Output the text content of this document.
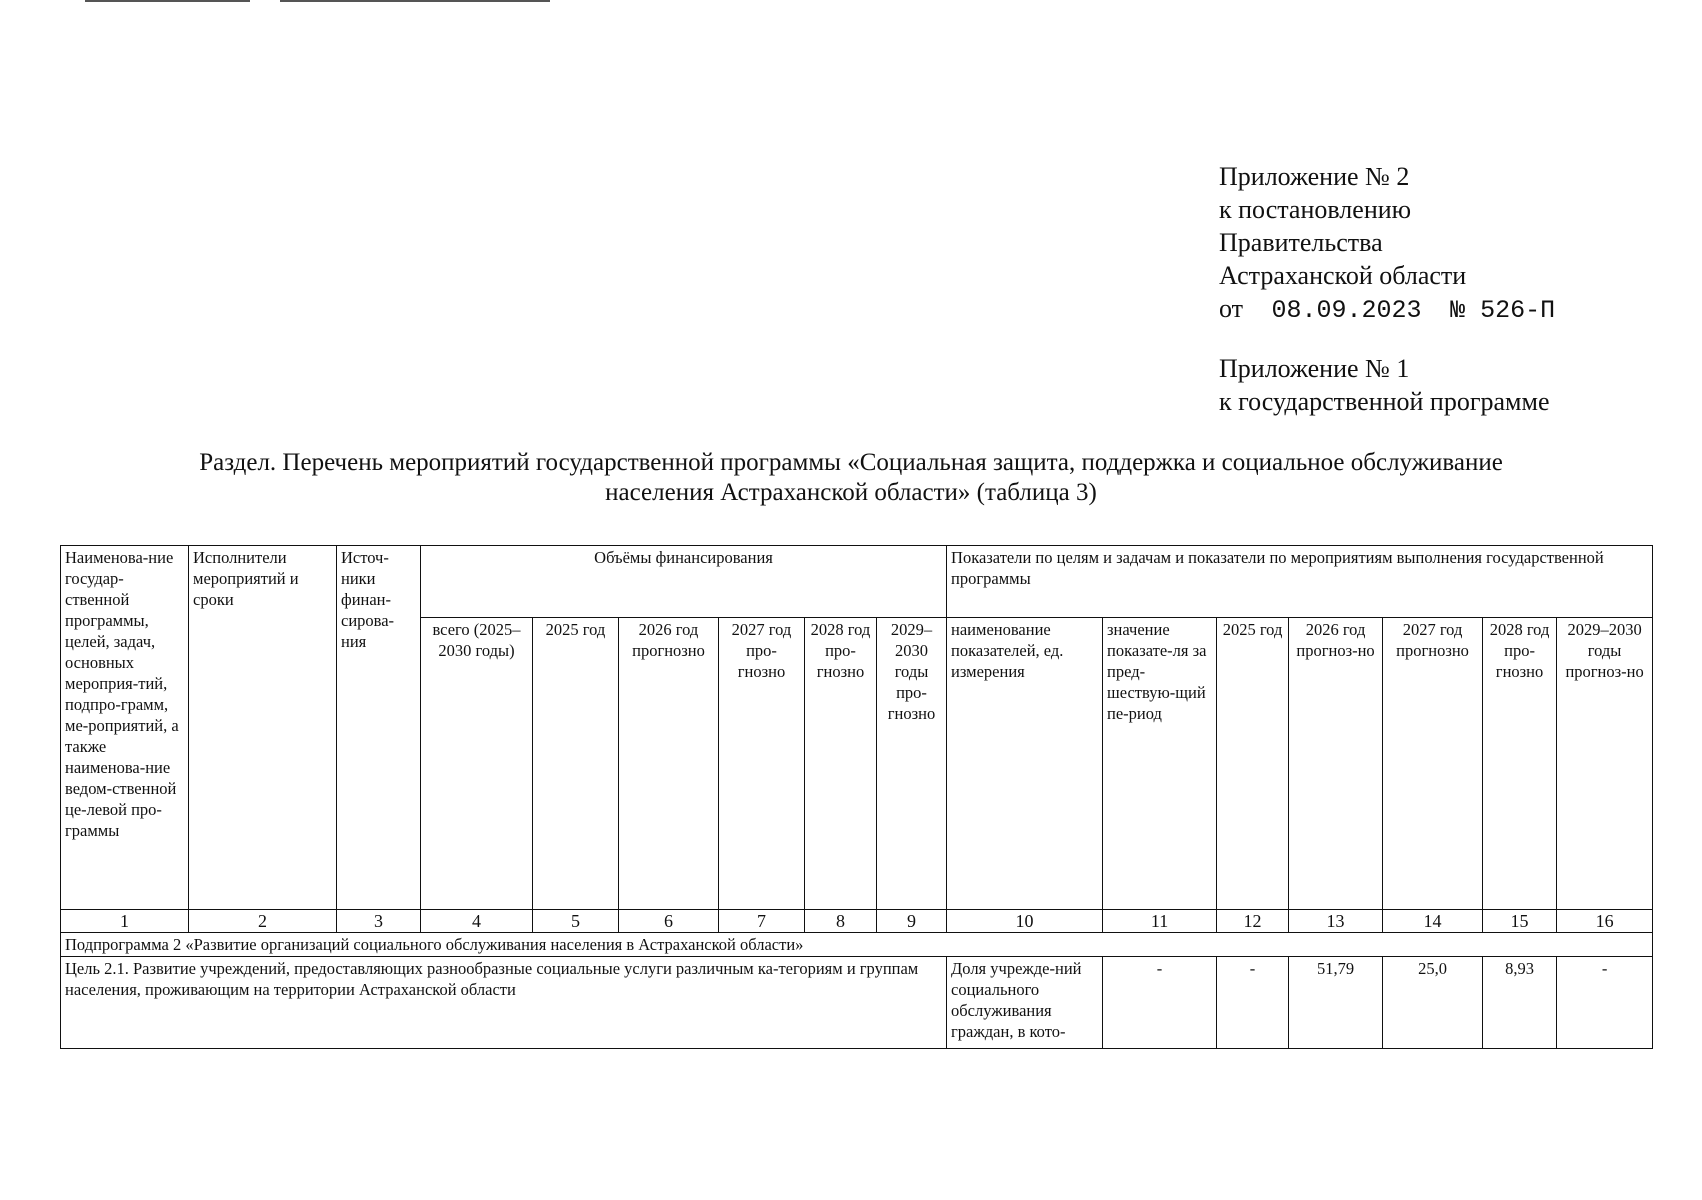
Приложение № 2
к постановлению
Правительства
Астраханской области
от 08.09.2023 № 526-П
Приложение № 1
к государственной программе
Раздел. Перечень мероприятий государственной программы «Социальная защита, поддержка и социальное обслуживание
населения Астраханской области» (таблица 3)
Наименова-ние государ-ственной программы, целей, задач, основных мероприя-тий, подпро-грамм, ме-роприятий, а также наименова-ние ведом-ственной це-левой про-граммы	Исполнители мероприятий и сроки	Источ-ники финан-сирова-ния	Объёмы финансирования						Показатели по целям и задачам и показатели по мероприятиям выполнения государственной программы						
			всего (2025–2030 годы)	2025 год	2026 год прогнозно	2027 год про-гнозно	2028 год про-гнозно	2029–2030 годы про-гнозно	наименование показателей, ед. измерения	значение показате-ля за пред-шествую-щий пе-риод	2025 год	2026 год прогноз-но	2027 год прогнозно	2028 год про-гнозно	2029–2030 годы прогноз-но
1	2	3	4	5	6	7	8	9	10	11	12	13	14	15	16
Подпрограмма 2 «Развитие организаций социального обслуживания населения в Астраханской области»															
Цель 2.1. Развитие учреждений, предоставляющих разнообразные социальные услуги различным ка-тегориям и группам населения, проживающим на территории Астраханской области									Доля учрежде-ний социального обслуживания граждан, в кото-	-	-	51,79	25,0	8,93	-
